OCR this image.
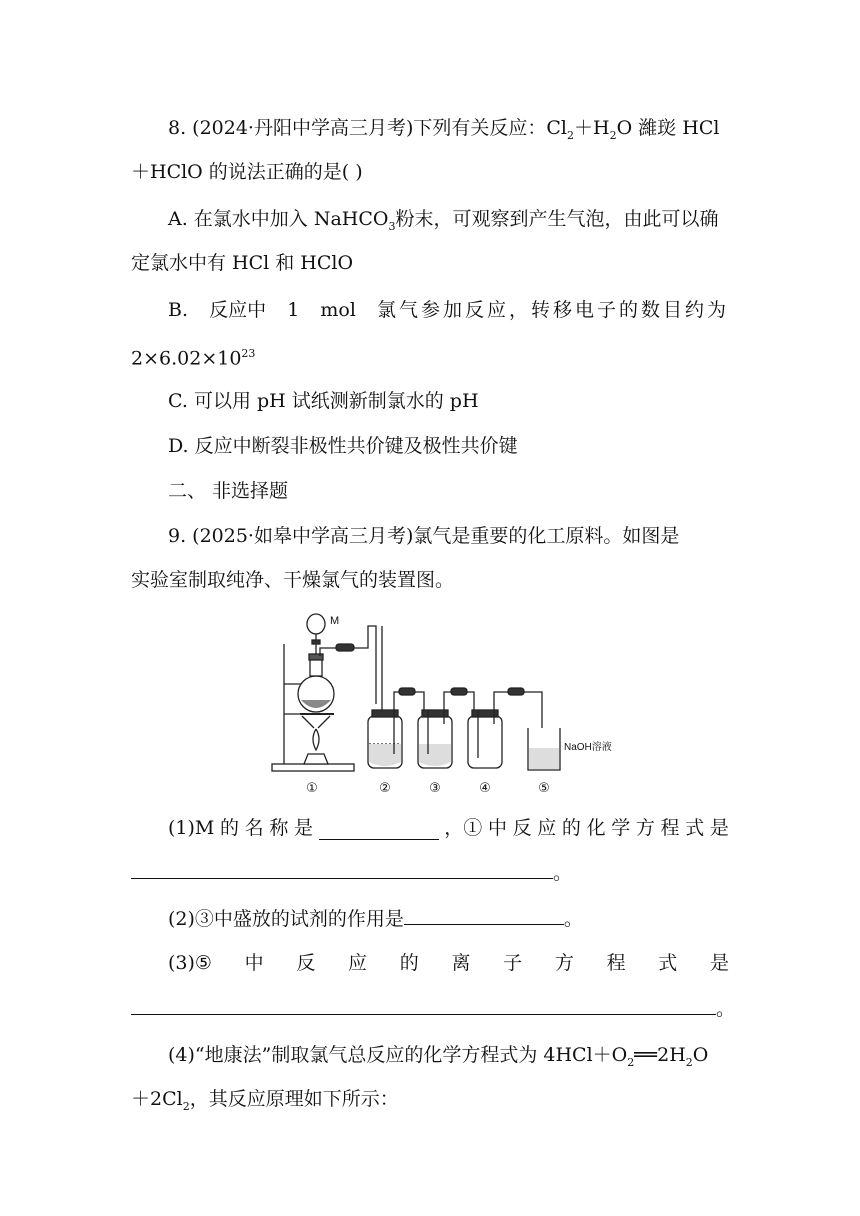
8. (2024·丹阳中学高三月考)下列有关反应：$Cl_2+H_2O$ 濰珳 HCl
＋HClO 的说法正确的是( )
A. 在氯水中加入 NaHCO$_3$粉末，可观察到产生气泡，由此可以确
定氯水中有 HCl 和 HClO
B. 反应中 1 mol 氯气参加反应，转移电子的数目约为
$2\times 6.02\times 10^{23}$
C. 可以用 pH 试纸测新制氯水的 pH
D. 反应中断裂非极性共价键及极性共价键
二、 非选择题
9. (2025·如皋中学高三月考)氯气是重要的化工原料。如图是
实验室制取纯净、干燥氯气的装置图。
M
NaOH溶液
①	②	③	④	⑤
(1)M 的 名 称 是	，① 中 反 应 的 化 学 方 程 式 是
。
(2)③中盛放的试剂的作用是	。
(3)⑤ 中 反 应 的 离 子 方 程 式 是
。
(4)“地康法”制取氯气总反应的化学方程式为 $4HCl+O_2══2H_2O$
$+2Cl_2$，其反应原理如下所示：
